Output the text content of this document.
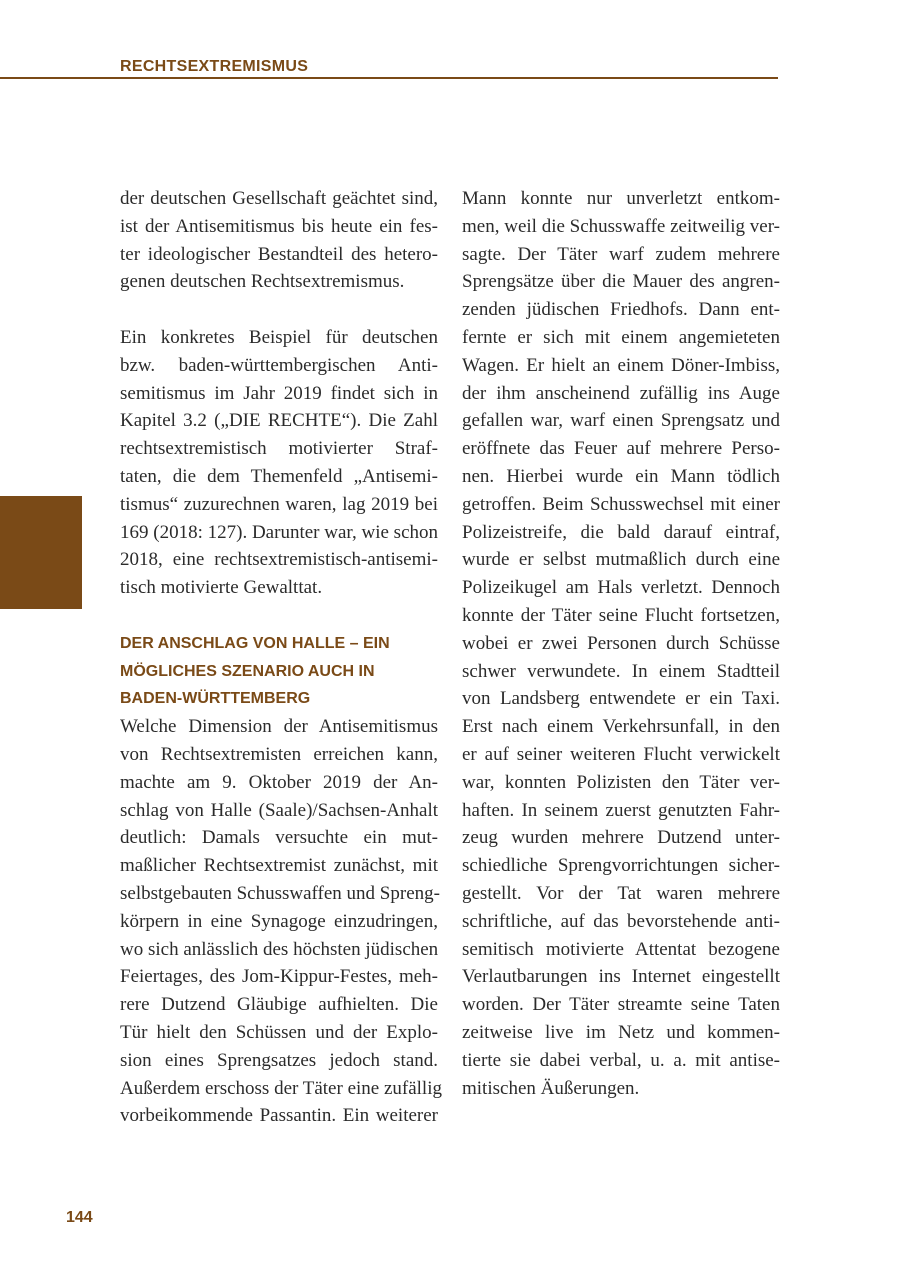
RECHTSEXTREMISMUS
der deutschen Gesellschaft geächtet sind,
ist der Antisemitismus bis heute ein fes-
ter ideologischer Bestandteil des hetero-
genen deutschen Rechtsextremismus.
Ein konkretes Beispiel für deutschen
bzw. baden-württembergischen Anti-
semitismus im Jahr 2019 findet sich in
Kapitel 3.2 („DIE RECHTE“). Die Zahl
rechtsextremistisch motivierter Straf-
taten, die dem Themenfeld „Antisemi-
tismus“ zuzurechnen waren, lag 2019 bei
169 (2018: 127). Darunter war, wie schon
2018, eine rechtsextremistisch-antisemi-
tisch motivierte Gewalttat.
DER ANSCHLAG VON HALLE – EIN
MÖGLICHES SZENARIO AUCH IN
BADEN-WÜRTTEMBERG
Welche Dimension der Antisemitismus
von Rechtsextremisten erreichen kann,
machte am 9. Oktober 2019 der An-
schlag von Halle (Saale)/Sachsen-Anhalt
deutlich: Damals versuchte ein mut-
maßlicher Rechtsextremist zunächst, mit
selbstgebauten Schusswaffen und Spreng-
körpern in eine Synagoge einzudringen,
wo sich anlässlich des höchsten jüdischen
Feiertages, des Jom-Kippur-Festes, meh-
rere Dutzend Gläubige aufhielten. Die
Tür hielt den Schüssen und der Explo-
sion eines Sprengsatzes jedoch stand.
Außerdem erschoss der Täter eine zufällig
vorbeikommende Passantin. Ein weiterer
Mann konnte nur unverletzt entkom-
men, weil die Schusswaffe zeitweilig ver-
sagte. Der Täter warf zudem mehrere
Sprengsätze über die Mauer des angren-
zenden jüdischen Friedhofs. Dann ent-
fernte er sich mit einem angemieteten
Wagen. Er hielt an einem Döner-Imbiss,
der ihm anscheinend zufällig ins Auge
gefallen war, warf einen Sprengsatz und
eröffnete das Feuer auf mehrere Perso-
nen. Hierbei wurde ein Mann tödlich
getroffen. Beim Schusswechsel mit einer
Polizeistreife, die bald darauf eintraf,
wurde er selbst mutmaßlich durch eine
Polizeikugel am Hals verletzt. Dennoch
konnte der Täter seine Flucht fortsetzen,
wobei er zwei Personen durch Schüsse
schwer verwundete. In einem Stadtteil
von Landsberg entwendete er ein Taxi.
Erst nach einem Verkehrsunfall, in den
er auf seiner weiteren Flucht verwickelt
war, konnten Polizisten den Täter ver-
haften. In seinem zuerst genutzten Fahr-
zeug wurden mehrere Dutzend unter-
schiedliche Sprengvorrichtungen sicher-
gestellt. Vor der Tat waren mehrere
schriftliche, auf das bevorstehende anti-
semitisch motivierte Attentat bezogene
Verlautbarungen ins Internet eingestellt
worden. Der Täter streamte seine Taten
zeitweise live im Netz und kommen-
tierte sie dabei verbal, u. a. mit antise-
mitischen Äußerungen.
144
